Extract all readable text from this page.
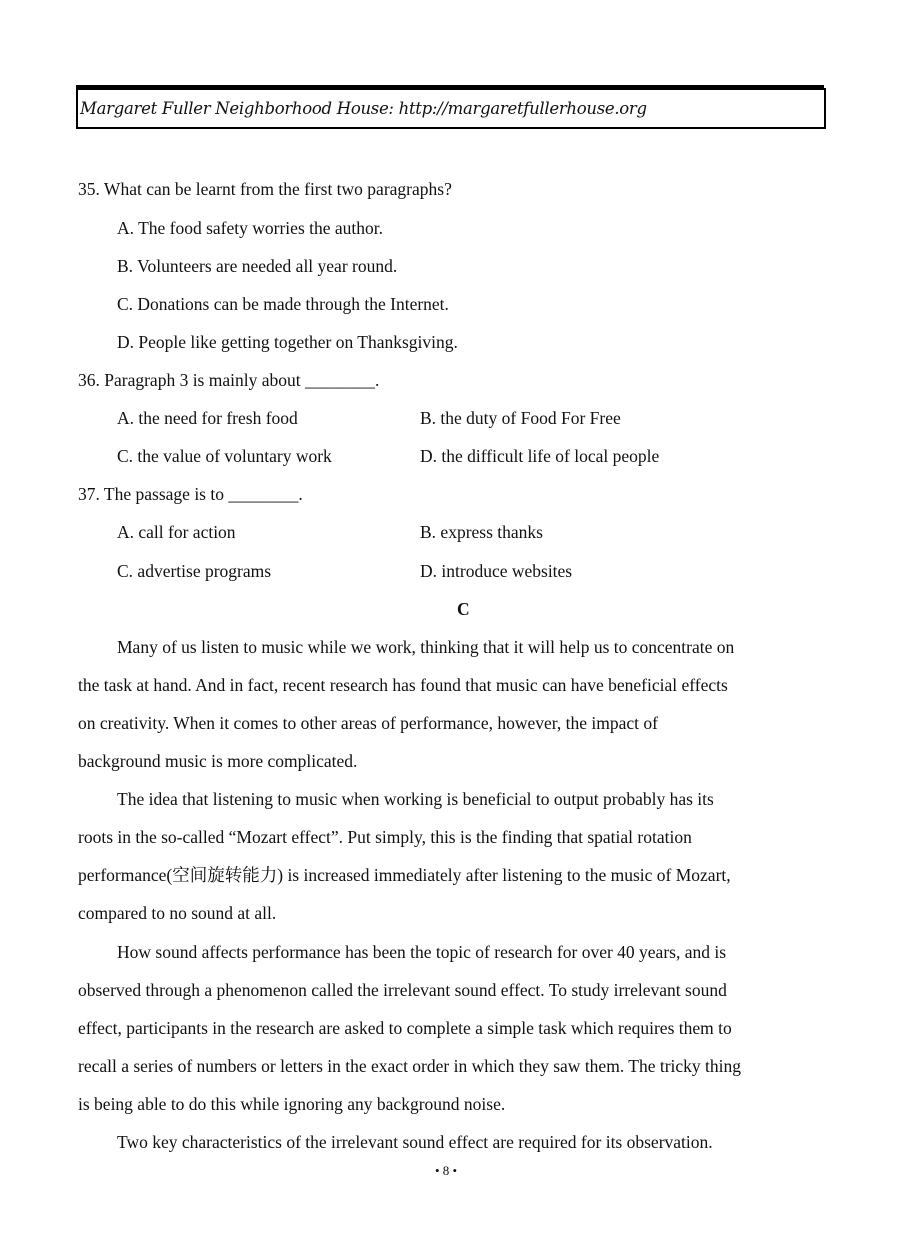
Margaret Fuller Neighborhood House: http://margaretfullerhouse.org
35. What can be learnt from the first two paragraphs?
A. The food safety worries the author.
B. Volunteers are needed all year round.
C. Donations can be made through the Internet.
D. People like getting together on Thanksgiving.
36. Paragraph 3 is mainly about ________.
A. the need for fresh food	B. the duty of Food For Free
C. the value of voluntary work	D. the difficult life of local people
37. The passage is to ________.
A. call for action	B. express thanks
C. advertise programs	D. introduce websites
C
Many of us listen to music while we work, thinking that it will help us to concentrate on
the task at hand. And in fact, recent research has found that music can have beneficial effects
on creativity. When it comes to other areas of performance, however, the impact of
background music is more complicated.
The idea that listening to music when working is beneficial to output probably has its
roots in the so-called “Mozart effect”. Put simply, this is the finding that spatial rotation
performance(空间旋转能力) is increased immediately after listening to the music of Mozart,
compared to no sound at all.
How sound affects performance has been the topic of research for over 40 years, and is
observed through a phenomenon called the irrelevant sound effect. To study irrelevant sound
effect, participants in the research are asked to complete a simple task which requires them to
recall a series of numbers or letters in the exact order in which they saw them. The tricky thing
is being able to do this while ignoring any background noise.
Two key characteristics of the irrelevant sound effect are required for its observation.
• 8 •
